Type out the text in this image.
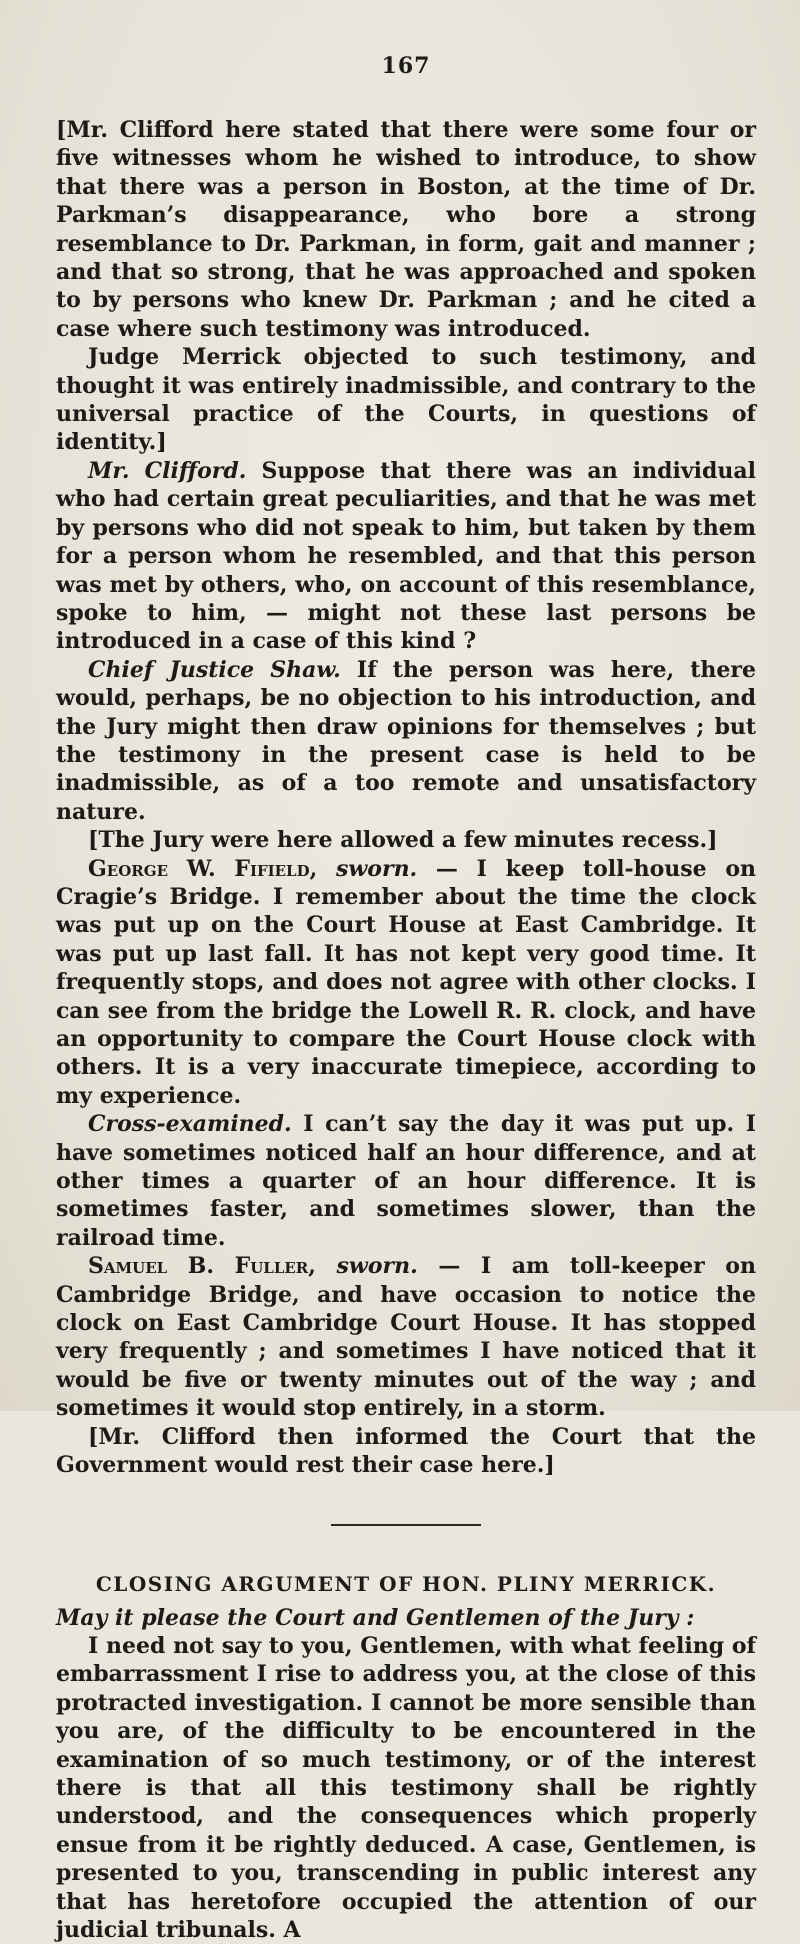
167

[Mr. Clifford here stated that there were some four or five witnesses whom he wished to introduce, to show that there was a person in Boston, at the time of Dr. Parkman’s disappearance, who bore a strong resemblance to Dr. Parkman, in form, gait and manner ; and that so strong, that he was approached and spoken to by persons who knew Dr. Parkman ; and he cited a case where such testimony was introduced.

Judge Merrick objected to such testimony, and thought it was entirely inadmissible, and contrary to the universal practice of the Courts, in questions of identity.]

Mr. Clifford. Suppose that there was an individual who had certain great peculiarities, and that he was met by persons who did not speak to him, but taken by them for a person whom he resembled, and that this person was met by others, who, on account of this resemblance, spoke to him, — might not these last persons be introduced in a case of this kind ?

Chief Justice Shaw. If the person was here, there would, perhaps, be no objection to his introduction, and the Jury might then draw opinions for themselves ; but the testimony in the present case is held to be inadmissible, as of a too remote and unsatisfactory nature.

[The Jury were here allowed a few minutes recess.]

George W. Fifield, sworn. — I keep toll-house on Cragie’s Bridge. I remember about the time the clock was put up on the Court House at East Cambridge. It was put up last fall. It has not kept very good time. It frequently stops, and does not agree with other clocks. I can see from the bridge the Lowell R. R. clock, and have an opportunity to compare the Court House clock with others. It is a very inaccurate timepiece, according to my experience.

Cross-examined. I can’t say the day it was put up. I have sometimes noticed half an hour difference, and at other times a quarter of an hour difference. It is sometimes faster, and sometimes slower, than the railroad time.

Samuel B. Fuller, sworn. — I am toll-keeper on Cambridge Bridge, and have occasion to notice the clock on East Cambridge Court House. It has stopped very frequently ; and sometimes I have noticed that it would be five or twenty minutes out of the way ; and sometimes it would stop entirely, in a storm.

[Mr. Clifford then informed the Court that the Government would rest their case here.]

CLOSING ARGUMENT OF HON. PLINY MERRICK.

May it please the Court and Gentlemen of the Jury :

I need not say to you, Gentlemen, with what feeling of embarrassment I rise to address you, at the close of this protracted investigation. I cannot be more sensible than you are, of the difficulty to be encountered in the examination of so much testimony, or of the interest there is that all this testimony shall be rightly understood, and the consequences which properly ensue from it be rightly deduced. A case, Gentlemen, is presented to you, transcending in public interest any that has heretofore occupied the attention of our judicial tribunals. A
